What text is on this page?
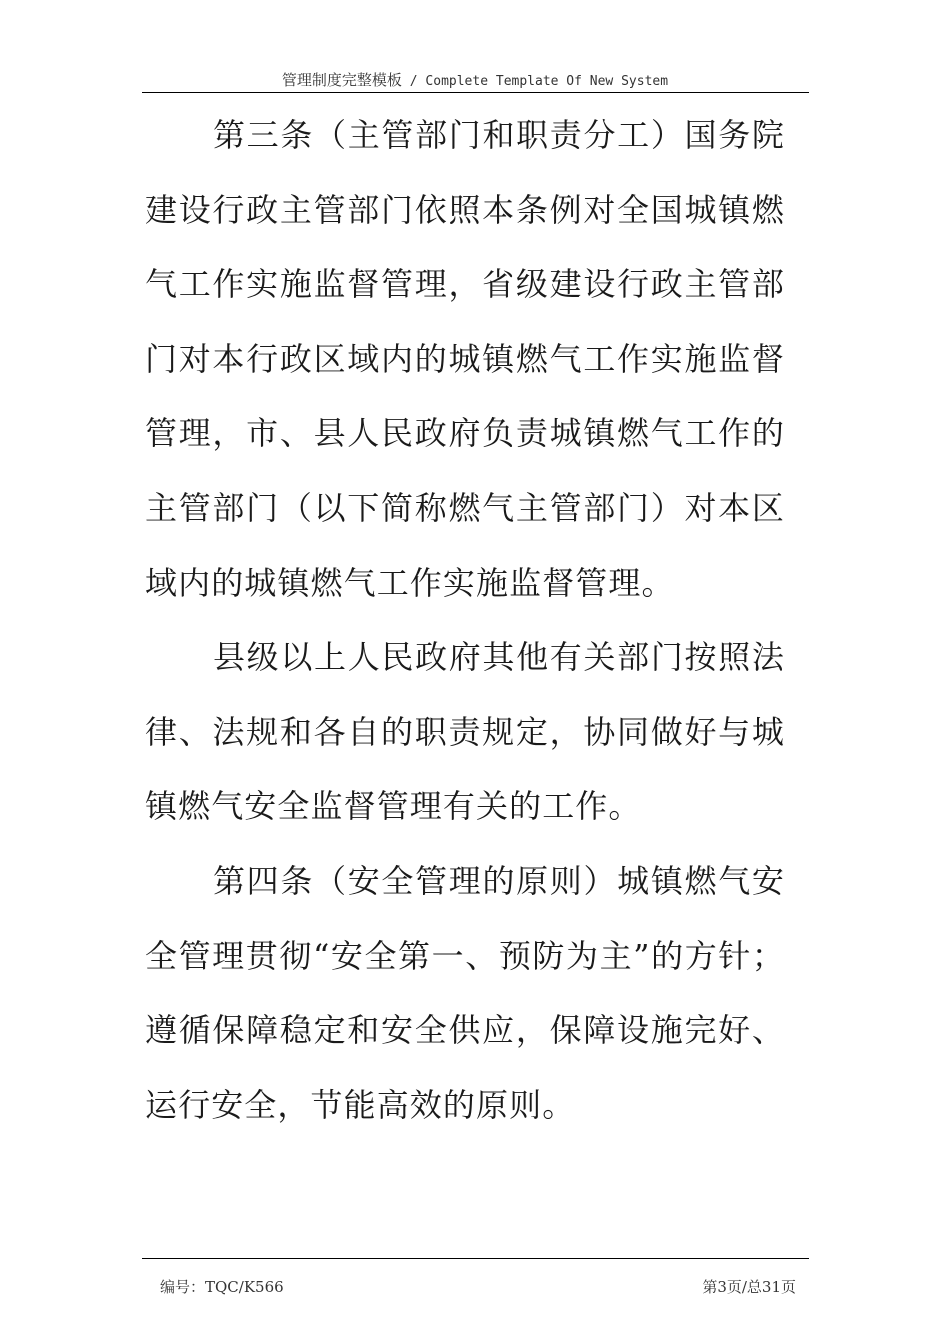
管理制度完整模板 / Complete Template Of New System

第三条（主管部门和职责分工）国务院建设行政主管部门依照本条例对全国城镇燃气工作实施监督管理，省级建设行政主管部门对本行政区域内的城镇燃气工作实施监督管理，市、县人民政府负责城镇燃气工作的主管部门（以下简称燃气主管部门）对本区域内的城镇燃气工作实施监督管理。

县级以上人民政府其他有关部门按照法律、法规和各自的职责规定，协同做好与城镇燃气安全监督管理有关的工作。

第四条（安全管理的原则）城镇燃气安全管理贯彻“安全第一、预防为主”的方针；遵循保障稳定和安全供应，保障设施完好、运行安全，节能高效的原则。

编号：TQC/K566	第3页/总31页
